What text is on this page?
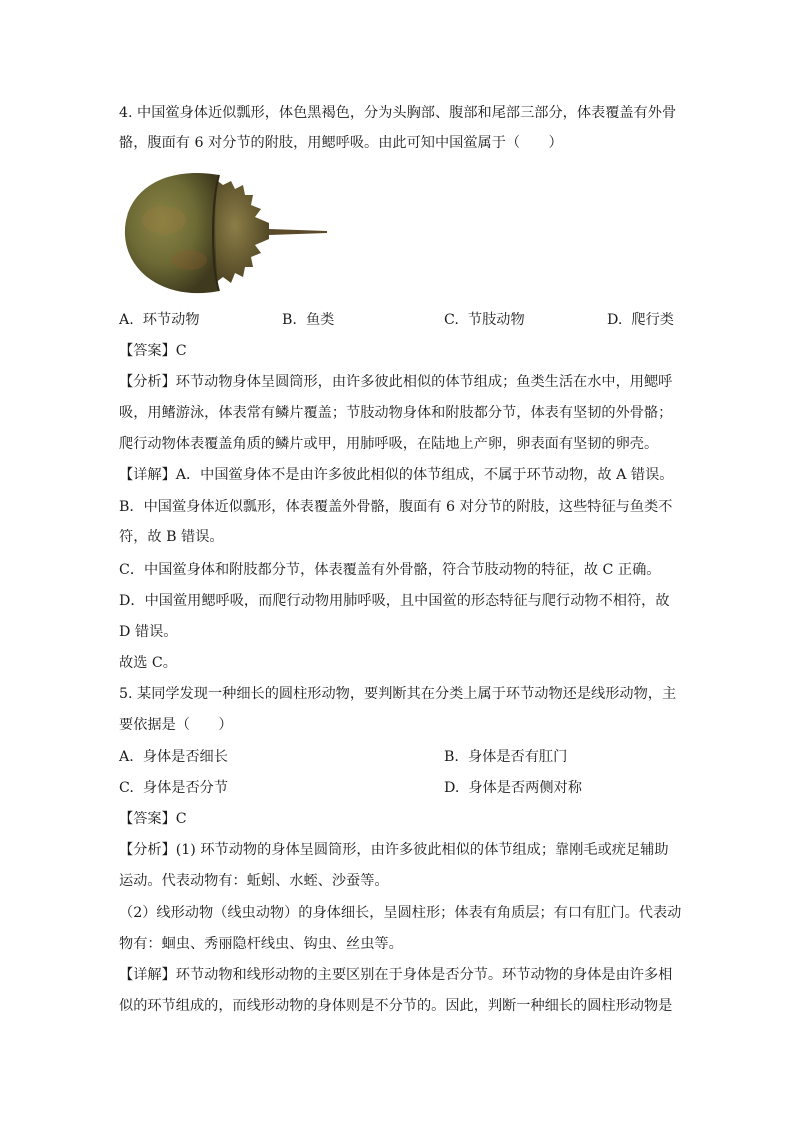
4. 中国鲎身体近似瓢形，体色黑褐色，分为头胸部、腹部和尾部三部分，体表覆盖有外骨
骼，腹面有 6 对分节的附肢，用鳃呼吸。由此可知中国鲎属于（　　）
A. 环节动物	B. 鱼类	C. 节肢动物	D. 爬行类
【答案】C
【分析】环节动物身体呈圆筒形，由许多彼此相似的体节组成；鱼类生活在水中，用鳃呼
吸，用鳍游泳，体表常有鳞片覆盖；节肢动物身体和附肢都分节，体表有坚韧的外骨骼；
爬行动物体表覆盖角质的鳞片或甲，用肺呼吸，在陆地上产卵，卵表面有坚韧的卵壳。
【详解】A．中国鲎身体不是由许多彼此相似的体节组成，不属于环节动物，故 A 错误。
B．中国鲎身体近似瓢形，体表覆盖外骨骼，腹面有 6 对分节的附肢，这些特征与鱼类不
符，故 B 错误。
C．中国鲎身体和附肢都分节，体表覆盖有外骨骼，符合节肢动物的特征，故 C 正确。
D．中国鲎用鳃呼吸，而爬行动物用肺呼吸，且中国鲎的形态特征与爬行动物不相符，故
D 错误。
故选 C。
5. 某同学发现一种细长的圆柱形动物，要判断其在分类上属于环节动物还是线形动物，主
要依据是（　　）
A. 身体是否细长	B. 身体是否有肛门
C. 身体是否分节	D. 身体是否两侧对称
【答案】C
【分析】(1) 环节动物的身体呈圆筒形，由许多彼此相似的体节组成；靠刚毛或疣足辅助
运动。代表动物有：蚯蚓、水蛭、沙蚕等。
（2）线形动物（线虫动物）的身体细长，呈圆柱形；体表有角质层；有口有肛门。代表动
物有：蛔虫、秀丽隐杆线虫、钩虫、丝虫等。
【详解】环节动物和线形动物的主要区别在于身体是否分节。环节动物的身体是由许多相
似的环节组成的，而线形动物的身体则是不分节的。因此，判断一种细长的圆柱形动物是
